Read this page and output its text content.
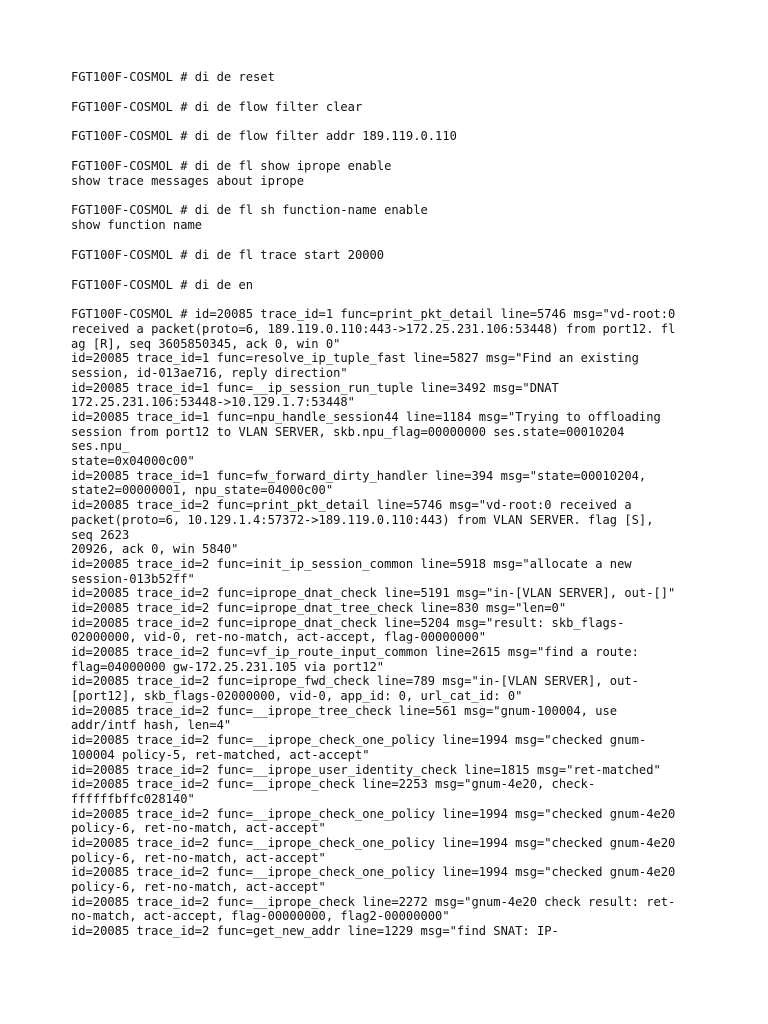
FGT100F-COSMOL # di de reset
FGT100F-COSMOL # di de flow filter clear
FGT100F-COSMOL # di de flow filter addr 189.119.0.110
FGT100F-COSMOL # di de fl show iprope enable
show trace messages about iprope
FGT100F-COSMOL # di de fl sh function-name enable
show function name
FGT100F-COSMOL # di de fl trace start 20000
FGT100F-COSMOL # di de en
FGT100F-COSMOL # id=20085 trace_id=1 func=print_pkt_detail line=5746 msg="vd-root:0
received a packet(proto=6, 189.119.0.110:443->172.25.231.106:53448) from port12. fl
ag [R], seq 3605850345, ack 0, win 0"
id=20085 trace_id=1 func=resolve_ip_tuple_fast line=5827 msg="Find an existing
session, id-013ae716, reply direction"
id=20085 trace_id=1 func=__ip_session_run_tuple line=3492 msg="DNAT
172.25.231.106:53448->10.129.1.7:53448"
id=20085 trace_id=1 func=npu_handle_session44 line=1184 msg="Trying to offloading
session from port12 to VLAN SERVER, skb.npu_flag=00000000 ses.state=00010204
ses.npu_
state=0x04000c00"
id=20085 trace_id=1 func=fw_forward_dirty_handler line=394 msg="state=00010204,
state2=00000001, npu_state=04000c00"
id=20085 trace_id=2 func=print_pkt_detail line=5746 msg="vd-root:0 received a
packet(proto=6, 10.129.1.4:57372->189.119.0.110:443) from VLAN SERVER. flag [S],
seq 2623
20926, ack 0, win 5840"
id=20085 trace_id=2 func=init_ip_session_common line=5918 msg="allocate a new
session-013b52ff"
id=20085 trace_id=2 func=iprope_dnat_check line=5191 msg="in-[VLAN SERVER], out-[]"
id=20085 trace_id=2 func=iprope_dnat_tree_check line=830 msg="len=0"
id=20085 trace_id=2 func=iprope_dnat_check line=5204 msg="result: skb_flags-
02000000, vid-0, ret-no-match, act-accept, flag-00000000"
id=20085 trace_id=2 func=vf_ip_route_input_common line=2615 msg="find a route:
flag=04000000 gw-172.25.231.105 via port12"
id=20085 trace_id=2 func=iprope_fwd_check line=789 msg="in-[VLAN SERVER], out-
[port12], skb_flags-02000000, vid-0, app_id: 0, url_cat_id: 0"
id=20085 trace_id=2 func=__iprope_tree_check line=561 msg="gnum-100004, use
addr/intf hash, len=4"
id=20085 trace_id=2 func=__iprope_check_one_policy line=1994 msg="checked gnum-
100004 policy-5, ret-matched, act-accept"
id=20085 trace_id=2 func=__iprope_user_identity_check line=1815 msg="ret-matched"
id=20085 trace_id=2 func=__iprope_check line=2253 msg="gnum-4e20, check-
ffffffbffc028140"
id=20085 trace_id=2 func=__iprope_check_one_policy line=1994 msg="checked gnum-4e20
policy-6, ret-no-match, act-accept"
id=20085 trace_id=2 func=__iprope_check_one_policy line=1994 msg="checked gnum-4e20
policy-6, ret-no-match, act-accept"
id=20085 trace_id=2 func=__iprope_check_one_policy line=1994 msg="checked gnum-4e20
policy-6, ret-no-match, act-accept"
id=20085 trace_id=2 func=__iprope_check line=2272 msg="gnum-4e20 check result: ret-
no-match, act-accept, flag-00000000, flag2-00000000"
id=20085 trace_id=2 func=get_new_addr line=1229 msg="find SNAT: IP-
